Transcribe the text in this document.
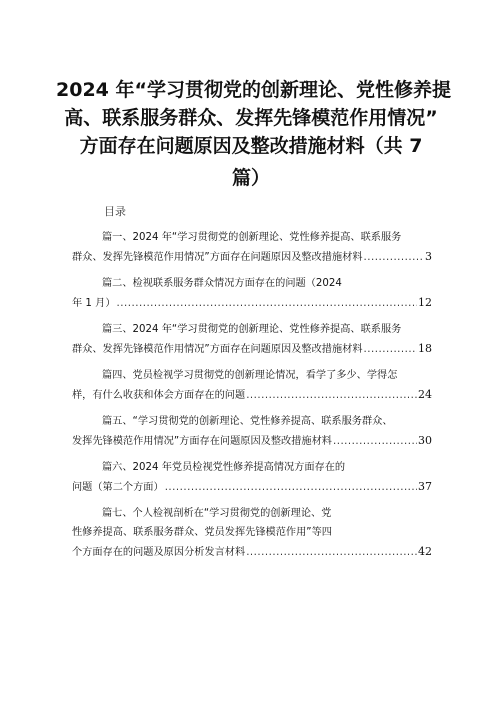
2024 年“学习贯彻党的创新理论、党性修养提
高、联系服务群众、发挥先锋模范作用情况”
方面存在问题原因及整改措施材料（共 7
篇）
目录
篇一、2024 年“学习贯彻党的创新理论、党性修养提高、联系服务
群众、发挥先锋模范作用情况”方面存在问题原因及整改措施材料 .....	3
篇二、检视联系服务群众情况方面存在的问题（2024
年 1 月） .....	12
篇三、2024 年“学习贯彻党的创新理论、党性修养提高、联系服务
群众、发挥先锋模范作用情况”方面存在问题原因及整改措施材料 .....	18
篇四、党员检视学习贯彻党的创新理论情况，看学了多少、学得怎
样，有什么收获和体会方面存在的问题 .....	24
篇五、“学习贯彻党的创新理论、党性修养提高、联系服务群众、
发挥先锋模范作用情况”方面存在问题原因及整改措施材料 .....	30
篇六、2024 年党员检视党性修养提高情况方面存在的
问题（第二个方面） .....	37
篇七、个人检视剖析在“学习贯彻党的创新理论、党
性修养提高、联系服务群众、党员发挥先锋模范作用”等四
个方面存在的问题及原因分析发言材料 .....	42
